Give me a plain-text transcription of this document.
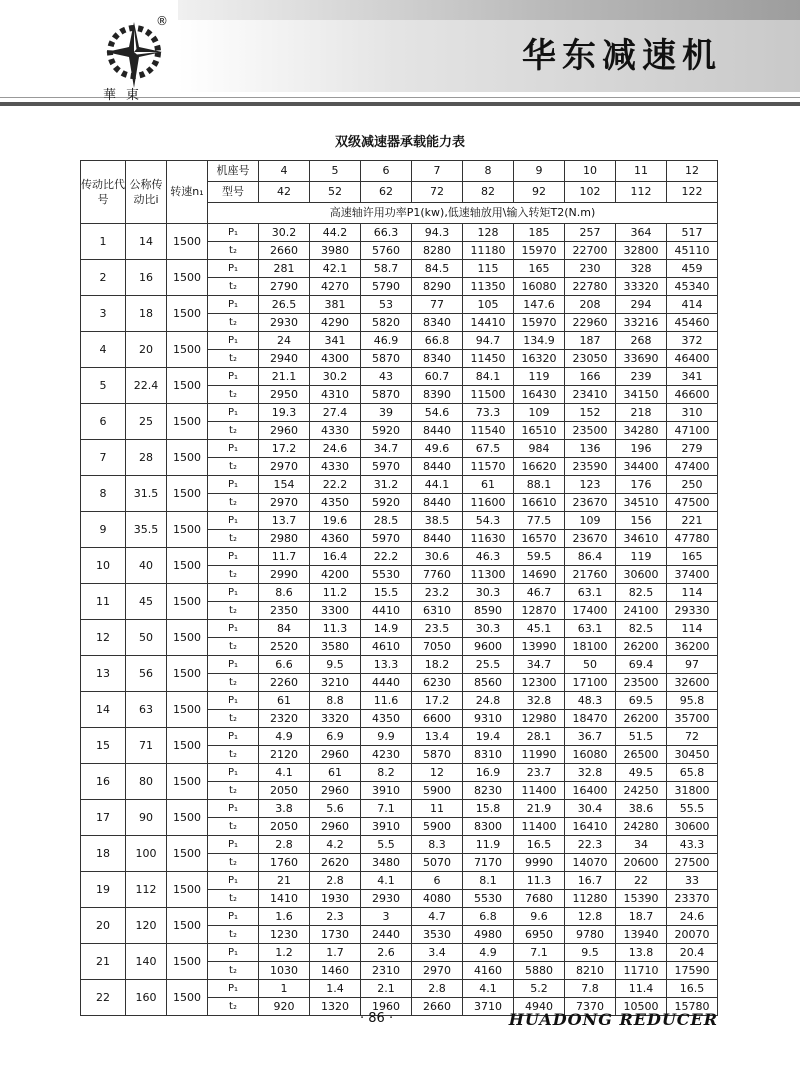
®
華東
华东减速机
双级减速器承载能力表
传动比代号	公称传动比i	转速n₁	机座号	4	5	6	7	8	9	10	11	12
			型号	42	52	62	72	82	92	102	112	122
			高速轴许用功率P1(kw),低速轴放用\输入转矩T2(N.m)									
1	14	1500	P₁	30.2	44.2	66.3	94.3	128	185	257	364	517
			t₂	2660	3980	5760	8280	11180	15970	22700	32800	45110
2	16	1500	P₁	281	42.1	58.7	84.5	115	165	230	328	459
			t₂	2790	4270	5790	8290	11350	16080	22780	33320	45340
3	18	1500	P₁	26.5	381	53	77	105	147.6	208	294	414
			t₂	2930	4290	5820	8340	14410	15970	22960	33216	45460
4	20	1500	P₁	24	341	46.9	66.8	94.7	134.9	187	268	372
			t₂	2940	4300	5870	8340	11450	16320	23050	33690	46400
5	22.4	1500	P₁	21.1	30.2	43	60.7	84.1	119	166	239	341
			t₂	2950	4310	5870	8390	11500	16430	23410	34150	46600
6	25	1500	P₁	19.3	27.4	39	54.6	73.3	109	152	218	310
			t₂	2960	4330	5920	8440	11540	16510	23500	34280	47100
7	28	1500	P₁	17.2	24.6	34.7	49.6	67.5	984	136	196	279
			t₂	2970	4330	5970	8440	11570	16620	23590	34400	47400
8	31.5	1500	P₁	154	22.2	31.2	44.1	61	88.1	123	176	250
			t₂	2970	4350	5920	8440	11600	16610	23670	34510	47500
9	35.5	1500	P₁	13.7	19.6	28.5	38.5	54.3	77.5	109	156	221
			t₂	2980	4360	5970	8440	11630	16570	23670	34610	47780
10	40	1500	P₁	11.7	16.4	22.2	30.6	46.3	59.5	86.4	119	165
			t₂	2990	4200	5530	7760	11300	14690	21760	30600	37400
11	45	1500	P₁	8.6	11.2	15.5	23.2	30.3	46.7	63.1	82.5	114
			t₂	2350	3300	4410	6310	8590	12870	17400	24100	29330
12	50	1500	P₁	84	11.3	14.9	23.5	30.3	45.1	63.1	82.5	114
			t₂	2520	3580	4610	7050	9600	13990	18100	26200	36200
13	56	1500	P₁	6.6	9.5	13.3	18.2	25.5	34.7	50	69.4	97
			t₂	2260	3210	4440	6230	8560	12300	17100	23500	32600
14	63	1500	P₁	61	8.8	11.6	17.2	24.8	32.8	48.3	69.5	95.8
			t₂	2320	3320	4350	6600	9310	12980	18470	26200	35700
15	71	1500	P₁	4.9	6.9	9.9	13.4	19.4	28.1	36.7	51.5	72
			t₂	2120	2960	4230	5870	8310	11990	16080	26500	30450
16	80	1500	P₁	4.1	61	8.2	12	16.9	23.7	32.8	49.5	65.8
			t₂	2050	2960	3910	5900	8230	11400	16400	24250	31800
17	90	1500	P₁	3.8	5.6	7.1	11	15.8	21.9	30.4	38.6	55.5
			t₂	2050	2960	3910	5900	8300	11400	16410	24280	30600
18	100	1500	P₁	2.8	4.2	5.5	8.3	11.9	16.5	22.3	34	43.3
			t₂	1760	2620	3480	5070	7170	9990	14070	20600	27500
19	112	1500	P₁	21	2.8	4.1	6	8.1	11.3	16.7	22	33
			t₂	1410	1930	2930	4080	5530	7680	11280	15390	23370
20	120	1500	P₁	1.6	2.3	3	4.7	6.8	9.6	12.8	18.7	24.6
			t₂	1230	1730	2440	3530	4980	6950	9780	13940	20070
21	140	1500	P₁	1.2	1.7	2.6	3.4	4.9	7.1	9.5	13.8	20.4
			t₂	1030	1460	2310	2970	4160	5880	8210	11710	17590
22	160	1500	P₁	1	1.4	2.1	2.8	4.1	5.2	7.8	11.4	16.5
			t₂	920	1320	1960	2660	3710	4940	7370	10500	15780
· 86 ·	HUADONG REDUCER
